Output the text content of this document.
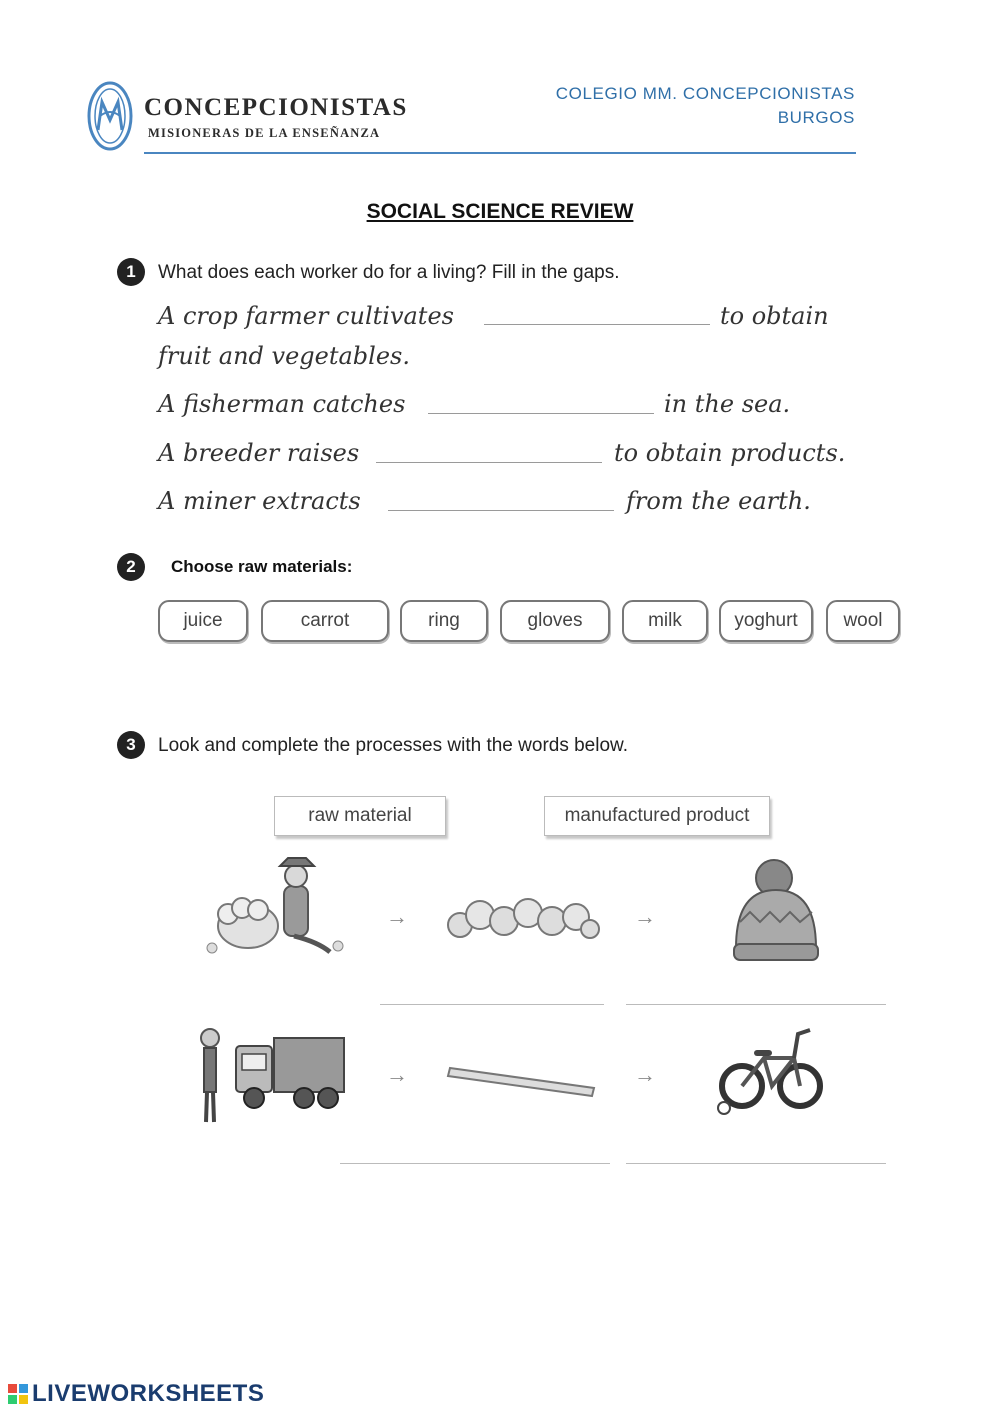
CONCEPCIONISTAS
MISIONERAS DE LA ENSEÑANZA
COLEGIO MM. CONCEPCIONISTAS
BURGOS
SOCIAL SCIENCE REVIEW
1	What does each worker do for a living? Fill in the gaps.
A crop farmer cultivates	to obtain
fruit and vegetables.
A fisherman catches	in the sea.
A breeder raises	to obtain products.
A miner extracts	from the earth.
2	Choose raw materials:
juice	carrot	ring	gloves	milk	yoghurt	wool
3	Look and complete the processes with the words below.
raw material	manufactured product
→	→
→	→
LIVEWORKSHEETS
